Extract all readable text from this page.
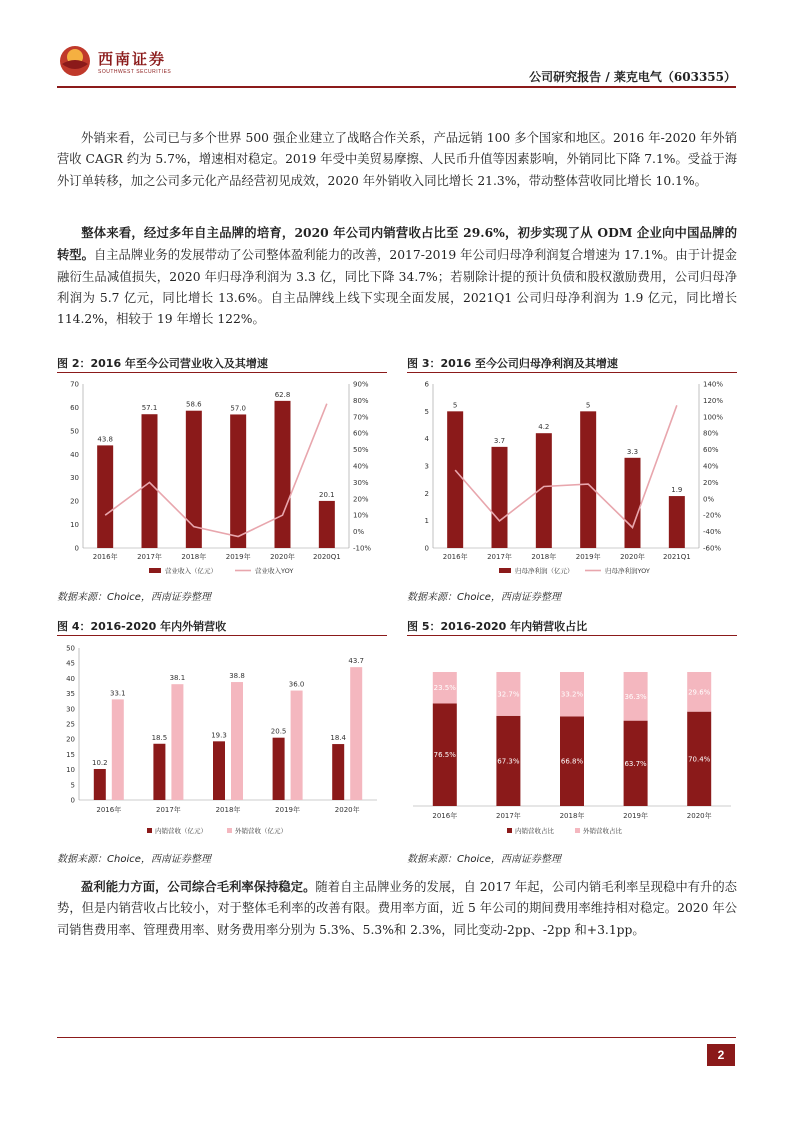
西南证券
SOUTHWEST SECURITIES	公司研究报告 / 莱克电气（603355）
外销来看，公司已与多个世界 500 强企业建立了战略合作关系，产品远销 100 多个国家和地区。2016 年-2020 年外销营收 CAGR 约为 5.7%，增速相对稳定。2019 年受中美贸易摩擦、人民币升值等因素影响，外销同比下降 7.1%。受益于海外订单转移，加之公司多元化产品经营初见成效，2020 年外销收入同比增长 21.3%，带动整体营收同比增长 10.1%。
整体来看，经过多年自主品牌的培育，2020 年公司内销营收占比至 29.6%，初步实现了从 ODM 企业向中国品牌的转型。自主品牌业务的发展带动了公司整体盈利能力的改善，2017-2019 年公司归母净利润复合增速为 17.1%。由于计提金融衍生品减值损失，2020 年归母净利润为 3.3 亿，同比下降 34.7%；若剔除计提的预计负债和股权激励费用，公司归母净利润为 5.7 亿元，同比增长 13.6%。自主品牌线上线下实现全面发展，2021Q1 公司归母净利润为 1.9 亿元，同比增长 114.2%，相较于 19 年增长 122%。
图 2：2016 年至今公司营业收入及其增速	图 3：2016 至今公司归母净利润及其增速
0
10
20
30
40
50
60
70
-10%
0%
10%
20%
30%
40%
50%
60%
70%
80%
90%
43.8
2016年
57.1
2017年
58.6
2018年
57.0
2019年
62.8
2020年
20.1
2020Q1
营业收入（亿元）	营业收入YOY
0
1
2
3
4
5
6
-60%
-40%
-20%
0%
20%
40%
60%
80%
100%
120%
140%
5
2016年
3.7
2017年
4.2
2018年
5
2019年
3.3
2020年
1.9
2021Q1
归母净利润（亿元）	归母净利润YOY
数据来源：Choice，西南证券整理	数据来源：Choice，西南证券整理
图 4：2016-2020 年内外销营收	图 5：2016-2020 年内销营收占比
0
5
10
15
20
25
30
35
40
45
50
10.2
33.1
2016年
18.5
38.1
2017年
19.3
38.8
2018年
20.5
36.0
2019年
18.4
43.7
2020年
内销营收（亿元）	外销营收（亿元）
76.5%
23.5%
2016年
67.3%
32.7%
2017年
66.8%
33.2%
2018年
63.7%
36.3%
2019年
70.4%
29.6%
2020年
内销营收占比	外销营收占比
数据来源：Choice，西南证券整理	数据来源：Choice，西南证券整理
盈利能力方面，公司综合毛利率保持稳定。随着自主品牌业务的发展，自 2017 年起，公司内销毛利率呈现稳中有升的态势，但是内销营收占比较小，对于整体毛利率的改善有限。费用率方面，近 5 年公司的期间费用率维持相对稳定。2020 年公司销售费用率、管理费用率、财务费用率分别为 5.3%、5.3%和 2.3%，同比变动-2pp、-2pp 和+3.1pp。
2
